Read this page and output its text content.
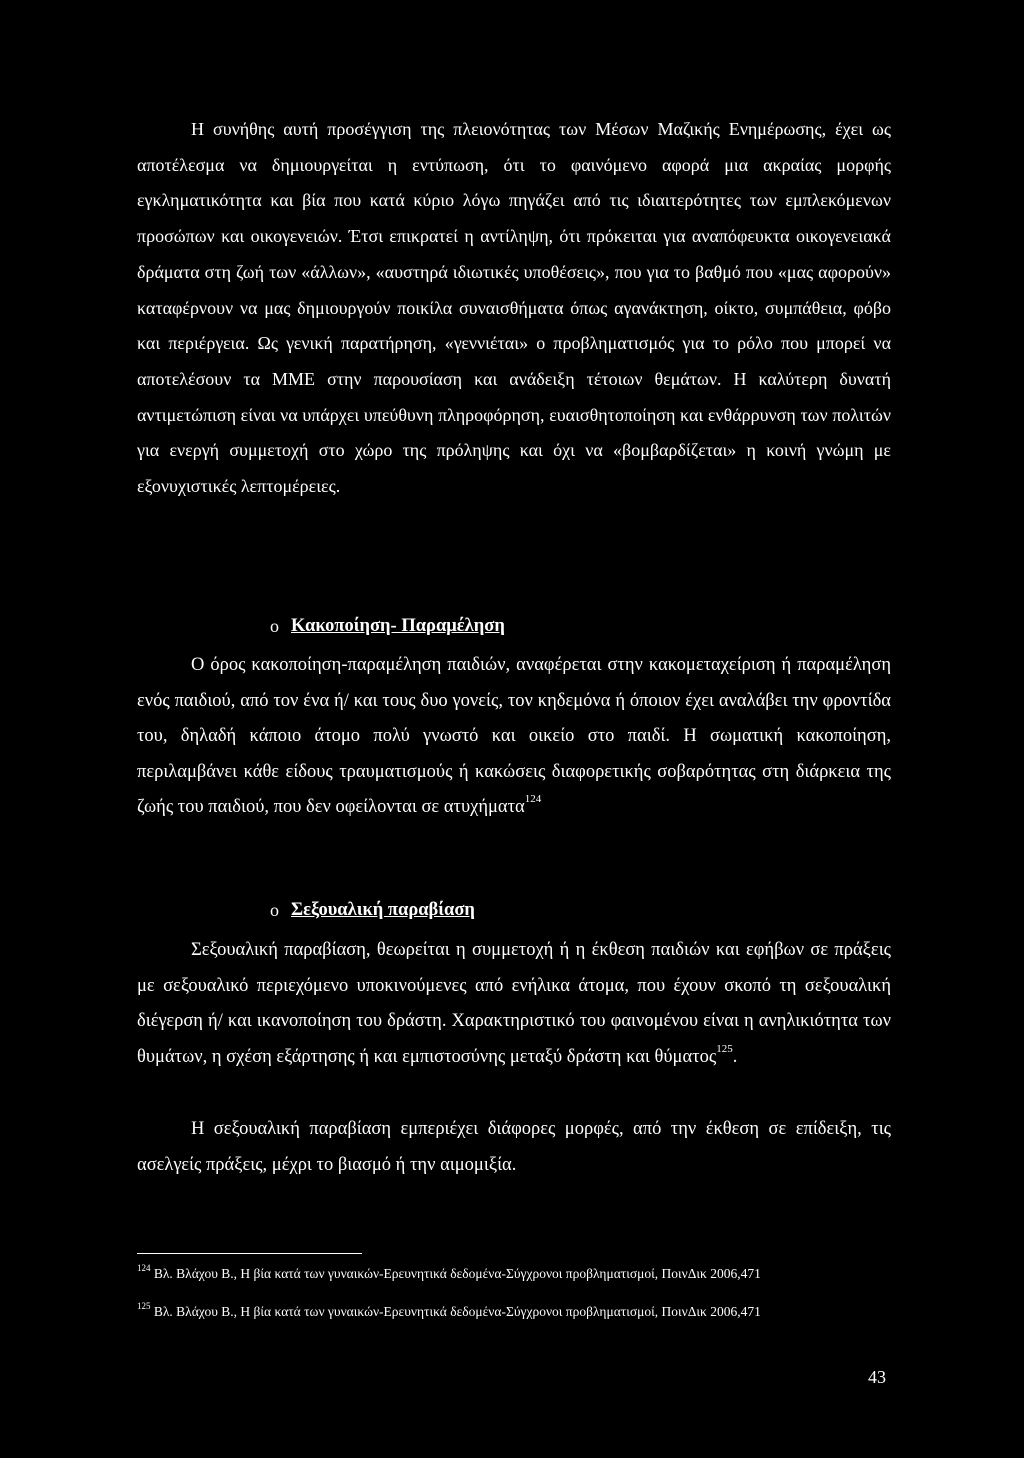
Η συνήθης αυτή προσέγγιση της πλειονότητας των Μέσων Μαζικής Ενημέρωσης, έχει ως αποτέλεσμα να δημιουργείται η εντύπωση, ότι το φαινόμενο αφορά μια ακραίας μορφής εγκληματικότητα και βία που κατά κύριο λόγω πηγάζει από τις ιδιαιτερότητες των εμπλεκόμενων προσώπων και οικογενειών. Έτσι επικρατεί η αντίληψη, ότι πρόκειται για αναπόφευκτα οικογενειακά δράματα στη ζωή των «άλλων», «αυστηρά ιδιωτικές υποθέσεις», που για το βαθμό που «μας αφορούν» καταφέρνουν να μας δημιουργούν ποικίλα συναισθήματα όπως αγανάκτηση, οίκτο, συμπάθεια, φόβο και περιέργεια. Ως γενική παρατήρηση, «γεννιέται» ο προβληματισμός για το ρόλο που μπορεί να αποτελέσουν τα ΜΜΕ στην παρουσίαση και ανάδειξη τέτοιων θεμάτων. Η καλύτερη δυνατή αντιμετώπιση είναι να υπάρχει υπεύθυνη πληροφόρηση, ευαισθητοποίηση και ενθάρρυνση των πολιτών για ενεργή συμμετοχή στο χώρο της πρόληψης και όχι να «βομβαρδίζεται» η κοινή γνώμη με εξονυχιστικές λεπτομέρειες.

o Κακοποίηση- Παραμέληση

Ο όρος κακοποίηση-παραμέληση παιδιών, αναφέρεται στην κακομεταχείριση ή παραμέληση ενός παιδιού, από τον ένα ή/ και τους δυο γονείς, τον κηδεμόνα ή όποιον έχει αναλάβει την φροντίδα του, δηλαδή κάποιο άτομο πολύ γνωστό και οικείο στο παιδί. Η σωματική κακοποίηση, περιλαμβάνει κάθε είδους τραυματισμούς ή κακώσεις διαφορετικής σοβαρότητας στη διάρκεια της ζωής του παιδιού, που δεν οφείλονται σε ατυχήματα$^{124}$

o Σεξουαλική παραβίαση

Σεξουαλική παραβίαση, θεωρείται η συμμετοχή ή η έκθεση παιδιών και εφήβων σε πράξεις με σεξουαλικό περιεχόμενο υποκινούμενες από ενήλικα άτομα, που έχουν σκοπό τη σεξουαλική διέγερση ή/ και ικανοποίηση του δράστη. Χαρακτηριστικό του φαινομένου είναι η ανηλικιότητα των θυμάτων, η σχέση εξάρτησης ή και εμπιστοσύνης μεταξύ δράστη και θύματος$^{125}$.

Η σεξουαλική παραβίαση εμπεριέχει διάφορες μορφές, από την έκθεση σε επίδειξη, τις ασελγείς πράξεις, μέχρι το βιασμό ή την αιμομιξία.

$^{124}$ Βλ. Βλάχου Β., Η βία κατά των γυναικών-Ερευνητικά δεδομένα-Σύγχρονοι προβληματισμοί, ΠοινΔικ 2006,471

$^{125}$ Βλ. Βλάχου Β., Η βία κατά των γυναικών-Ερευνητικά δεδομένα-Σύγχρονοι προβληματισμοί, ΠοινΔικ 2006,471

43
